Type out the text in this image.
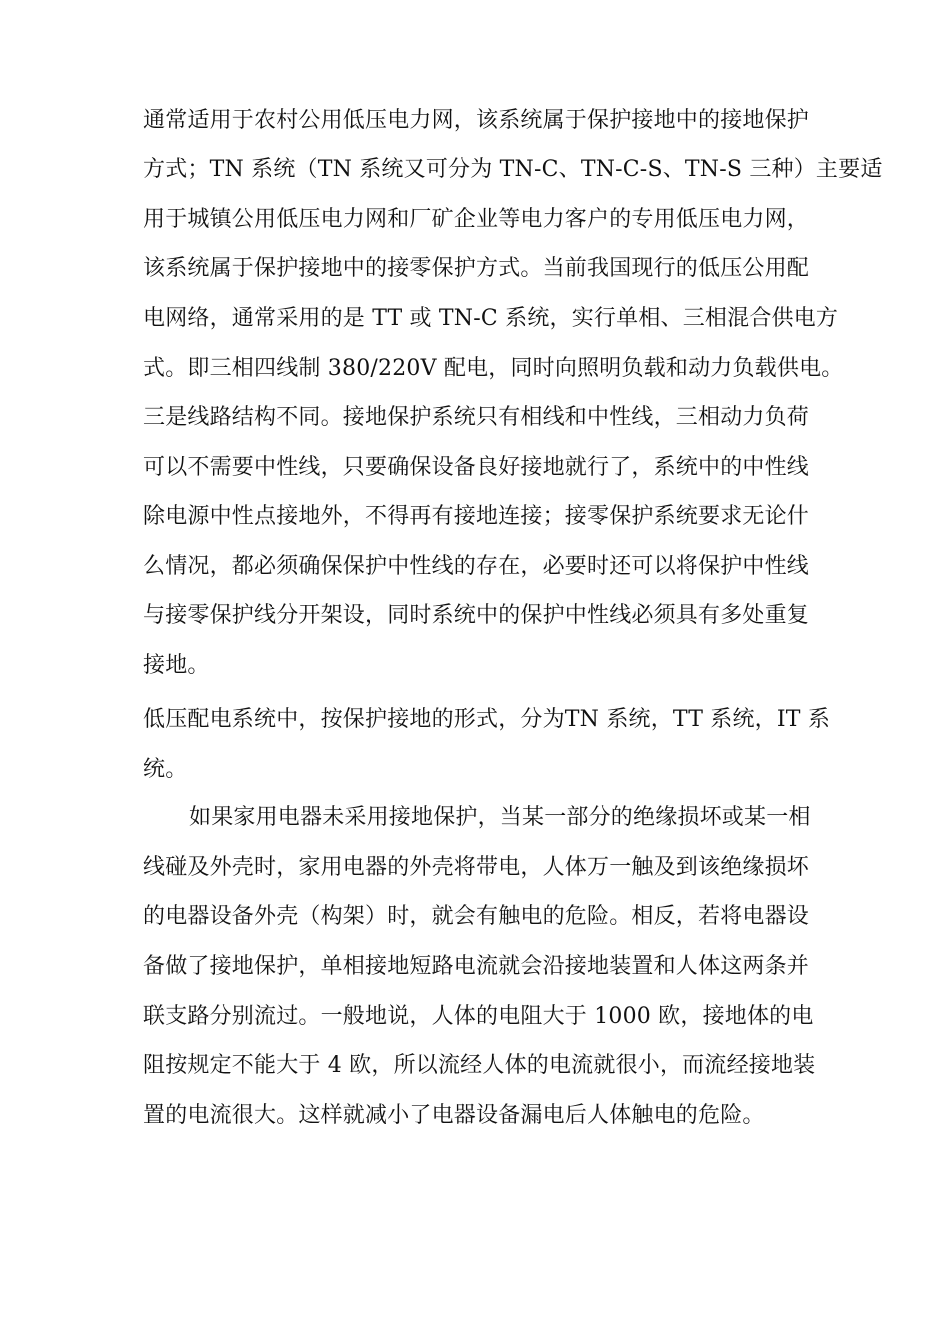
通常适用于农村公用低压电力网，该系统属于保护接地中的接地保护
方式；TN 系统（TN 系统又可分为 TN-C、TN-C-S、TN-S 三种）主要适
用于城镇公用低压电力网和厂矿企业等电力客户的专用低压电力网，
该系统属于保护接地中的接零保护方式。当前我国现行的低压公用配
电网络，通常采用的是 TT 或 TN-C 系统，实行单相、三相混合供电方
式。即三相四线制 380/220V 配电，同时向照明负载和动力负载供电。
三是线路结构不同。接地保护系统只有相线和中性线，三相动力负荷
可以不需要中性线，只要确保设备良好接地就行了，系统中的中性线
除电源中性点接地外，不得再有接地连接；接零保护系统要求无论什
么情况，都必须确保保护中性线的存在，必要时还可以将保护中性线
与接零保护线分开架设，同时系统中的保护中性线必须具有多处重复
接地。
低压配电系统中，按保护接地的形式，分为TN 系统，TT 系统，IT 系
统。
如果家用电器未采用接地保护，当某一部分的绝缘损坏或某一相
线碰及外壳时，家用电器的外壳将带电，人体万一触及到该绝缘损坏
的电器设备外壳（构架）时，就会有触电的危险。相反，若将电器设
备做了接地保护，单相接地短路电流就会沿接地装置和人体这两条并
联支路分别流过。一般地说，人体的电阻大于 1000 欧，接地体的电
阻按规定不能大于 4 欧，所以流经人体的电流就很小，而流经接地装
置的电流很大。这样就减小了电器设备漏电后人体触电的危险。
